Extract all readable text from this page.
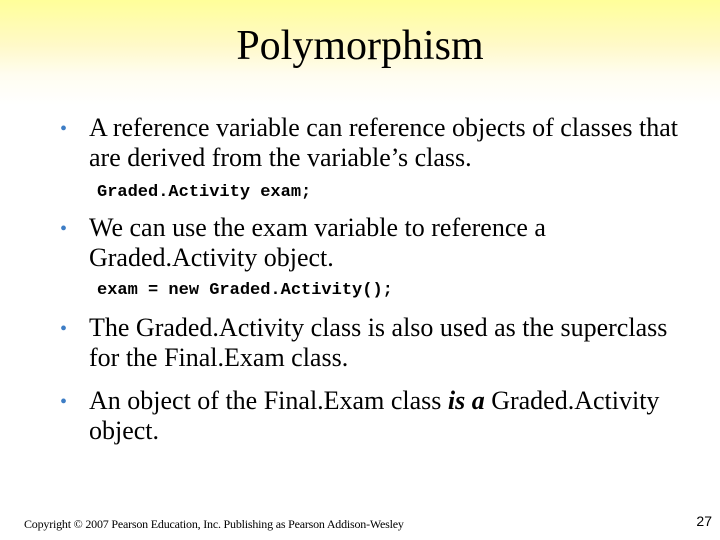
Polymorphism
• A reference variable can reference objects of classes that are derived from the variable’s class.
Graded.Activity exam;
• We can use the exam variable to reference a Graded.Activity object.
exam = new Graded.Activity();
• The Graded.Activity class is also used as the superclass for the Final.Exam class.
• An object of the Final.Exam class is a Graded.Activity object.
Copyright © 2007 Pearson Education, Inc. Publishing as Pearson Addison-Wesley	27
